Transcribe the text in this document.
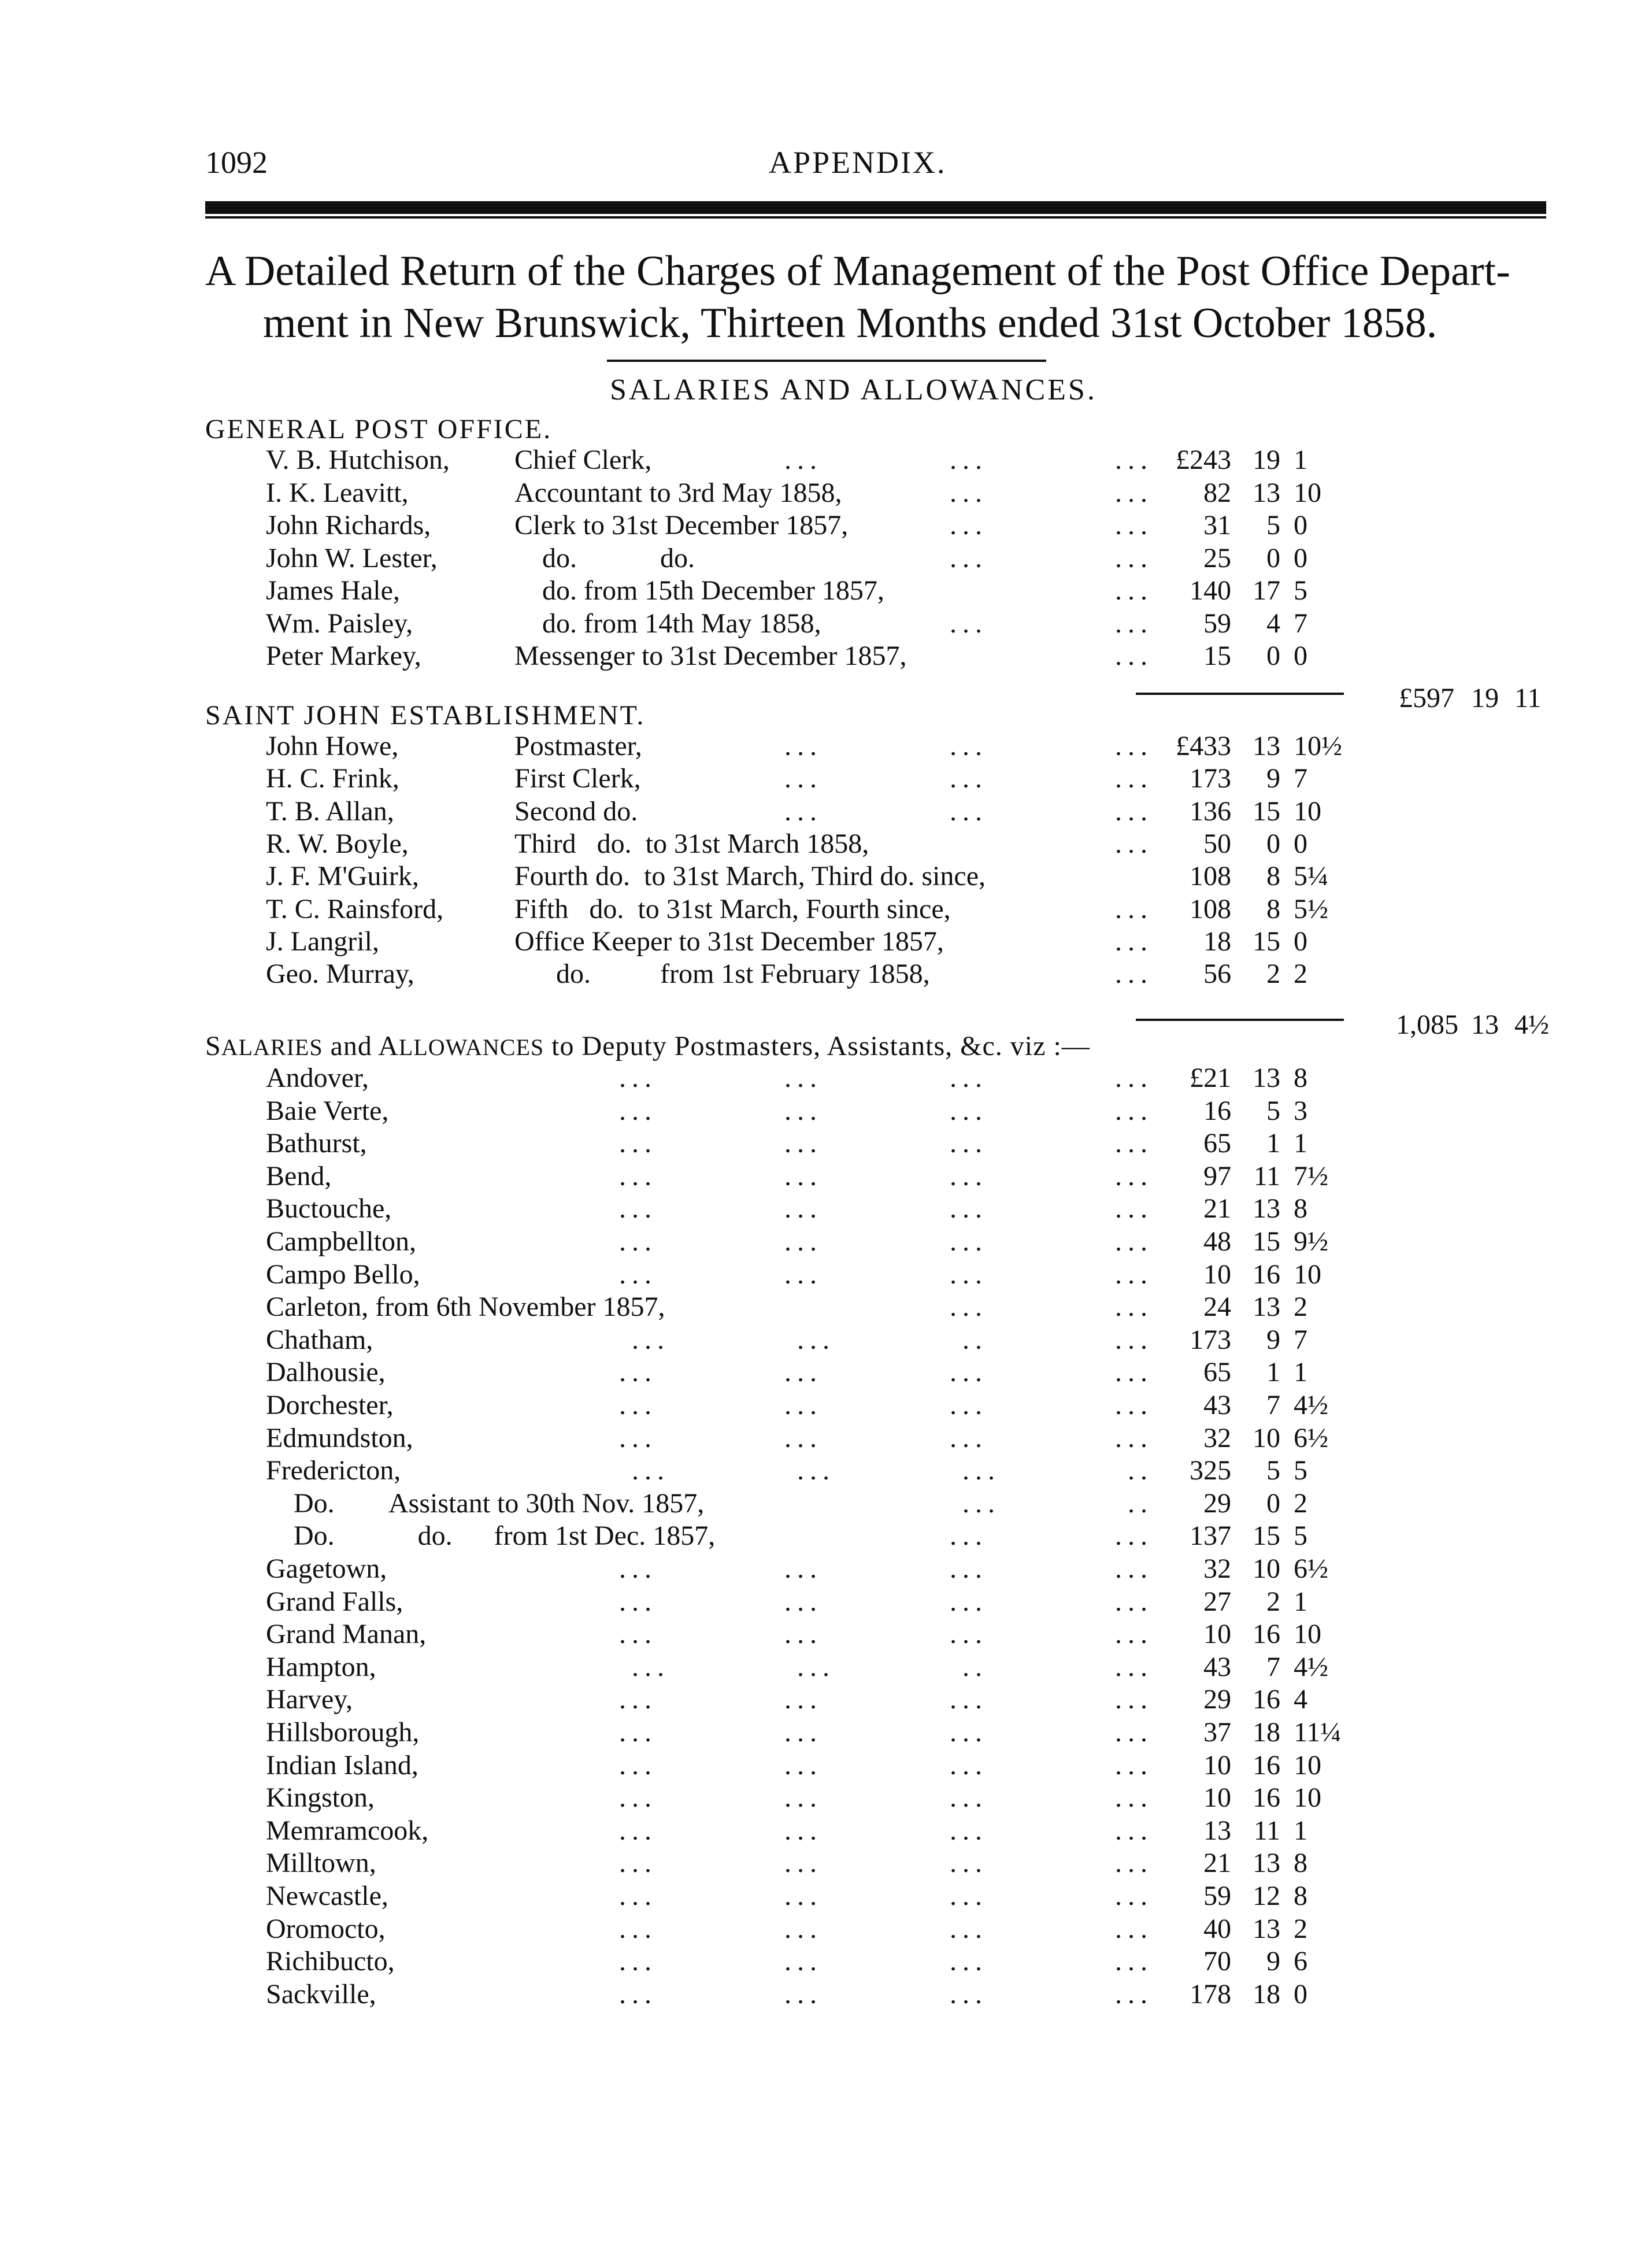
1092	APPENDIX.
A Detailed Return of the Charges of Management of the Post Office Depart-
ment in New Brunswick, Thirteen Months ended 31st October 1858.
SALARIES AND ALLOWANCES.
GENERAL POST OFFICE.
V. B. Hutchison, Chief Clerk,	...          ...          ... £243 19 1
I. K. Leavitt,	Accountant to 3rd May 1858,	...          ...	82 13 10
John Richards,	Clerk to 31st December 1857,	...          ...	31	5 0
John W. Lester,	do.            do.	...          ...	25	0 0
James Hale,	do. from 15th December 1857,	...	140 17 5
Wm. Paisley,	do. from 14th May 1858,	...          ...	59	4 7
Peter Markey,	Messenger to 31st December 1857,	...	15	0 0
£597 19 11
SAINT JOHN ESTABLISHMENT.
John Howe,	Postmaster,	...          ...          ... £433 13 10½
H. C. Frink,	First Clerk,	...          ...          ...	173	9 7
T. B. Allan,	Second do.	...          ...          ...	136 15 10
R. W. Boyle,	Third   do.  to 31st March 1858,	...	50	0 0
J. F. M'Guirk,	Fourth do.  to 31st March, Third do. since,	108	8 5¼
T. C. Rainsford,	Fifth   do.  to 31st March, Fourth since,	...	108	8 5½
J. Langril,	Office Keeper to 31st December 1857,	...	18 15 0
Geo. Murray,	do.          from 1st February 1858,	...	56	2 2
1,085 13 4½
SALARIES and ALLOWANCES to Deputy Postmasters, Assistants, &c. viz :—
Andover,	...          ...          ...          ...	£21 13 8
Baie Verte,	...          ...          ...          ...	16	5 3
Bathurst,	...          ...          ...          ...	65	1 1
Bend,	...          ...          ...          ...	97 11 7½
Buctouche,	...          ...          ...          ...	21 13 8
Campbellton,	...          ...          ...          ...	48 15 9½
Campo Bello,	...          ...          ...          ...	10 16 10
Carleton, from 6th November 1857,	...          ...	24 13 2
Chatham,	...          ...          ..          ...	173	9 7
Dalhousie,	...          ...          ...          ...	65	1 1
Dorchester,	...          ...          ...          ...	43	7 4½
Edmundston,	...          ...          ...          ...	32 10 6½
Fredericton,	...          ...          ...          ..	325	5 5
Do.        Assistant to 30th Nov. 1857,	...          ..	29	0 2
Do.            do.      from 1st Dec. 1857,	...          ...	137 15 5
Gagetown,	...          ...          ...          ...	32 10 6½
Grand Falls,	...          ...          ...          ...	27	2 1
Grand Manan,	...          ...          ...          ...	10 16 10
Hampton,	...          ...          ..          ...	43	7 4½
Harvey,	...          ...          ...          ...	29 16 4
Hillsborough,	...          ...          ...          ...	37 18 11¼
Indian Island,	...          ...          ...          ...	10 16 10
Kingston,	...          ...          ...          ...	10 16 10
Memramcook,	...          ...          ...          ...	13 11 1
Milltown,	...          ...          ...          ...	21 13 8
Newcastle,	...          ...          ...          ...	59 12 8
Oromocto,	...          ...          ...          ...	40 13 2
Richibucto,	...          ...          ...          ...	70	9 6
Sackville,	...          ...          ...          ...	178 18 0
